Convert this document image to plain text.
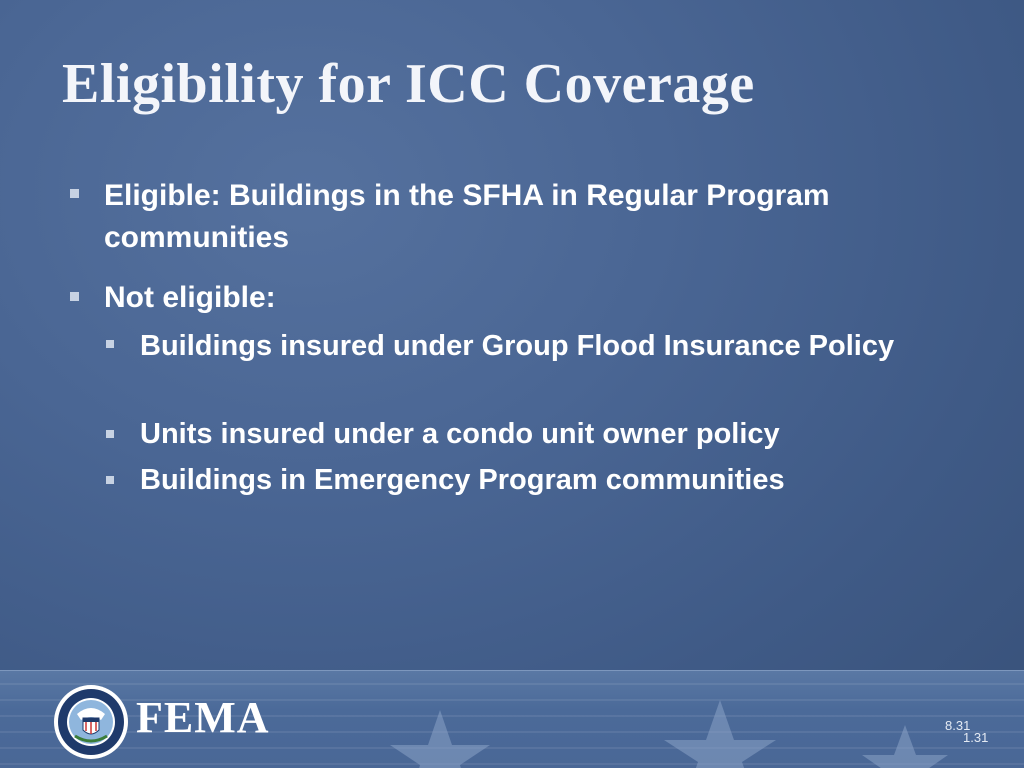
Eligibility for ICC Coverage
Eligible: Buildings in the SFHA in Regular Program communities
Not eligible:
Buildings insured under Group Flood Insurance Policy
Units insured under a condo unit owner policy
Buildings in Emergency Program communities
FEMA	8.31
1.31
